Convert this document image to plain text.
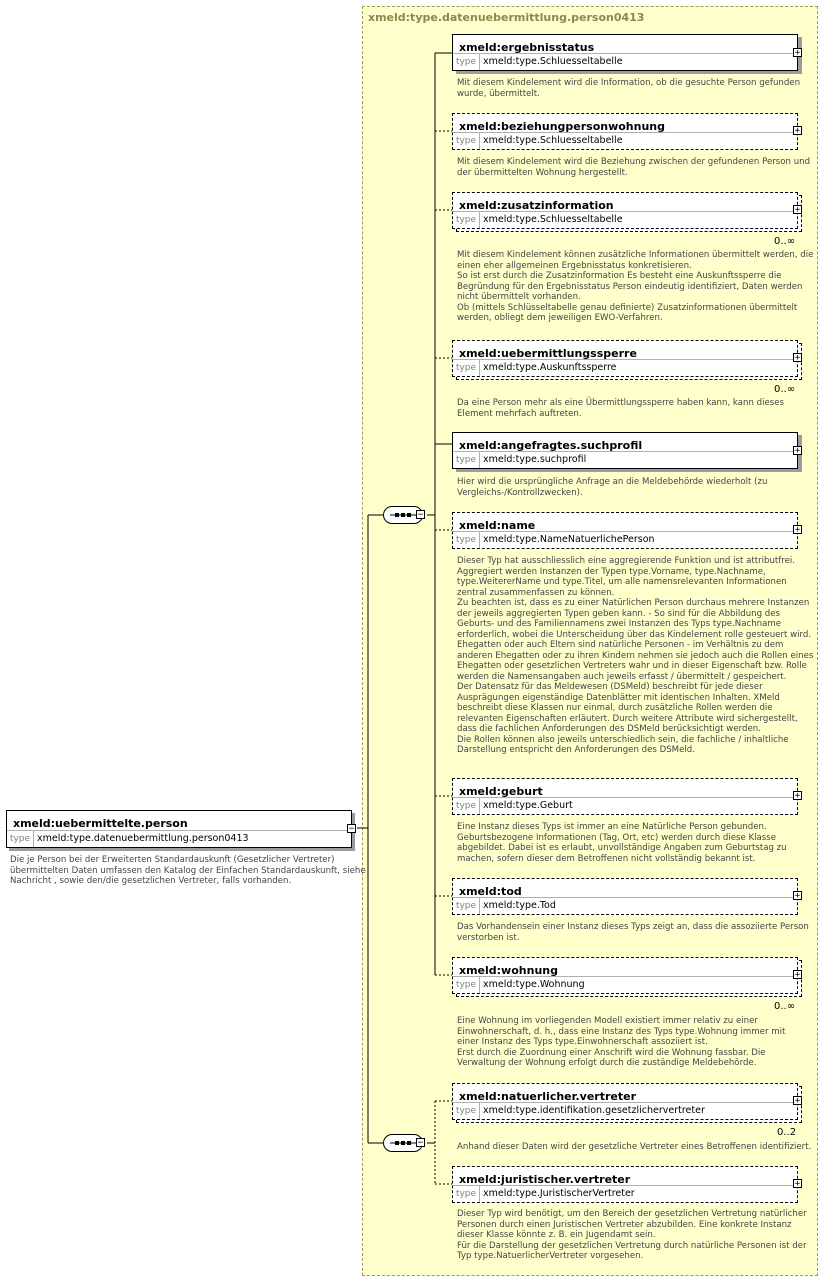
xmeld:type.datenuebermittlung.person0413
xmeld:uebermittelte.person
type xmeld:type.datenuebermittlung.person0413
−
Die je Person bei der Erweiterten Standardauskunft (Gesetzlicher Vertreter)
übermittelten Daten umfassen den Katalog der Einfachen Standardauskunft, siehe
Nachricht , sowie den/die gesetzlichen Vertreter, falls vorhanden.
−
−
xmeld:ergebnisstatus
type xmeld:type.Schluesseltabelle
+
Mit diesem Kindelement wird die Information, ob die gesuchte Person gefunden
wurde, übermittelt.
xmeld:beziehungpersonwohnung
type xmeld:type.Schluesseltabelle
+
Mit diesem Kindelement wird die Beziehung zwischen der gefundenen Person und
der übermittelten Wohnung hergestellt.
xmeld:zusatzinformation
type xmeld:type.Schluesseltabelle
+
0..∞
Mit diesem Kindelement können zusätzliche Informationen übermittelt werden, die
einen eher allgemeinen Ergebnisstatus konkretisieren.
So ist erst durch die Zusatzinformation Es besteht eine Auskunftssperre die
Begründung für den Ergebnisstatus Person eindeutig identifiziert, Daten werden
nicht übermittelt vorhanden.
Ob (mittels Schlüsseltabelle genau definierte) Zusatzinformationen übermittelt
werden, obliegt dem jeweiligen EWO-Verfahren.
xmeld:uebermittlungssperre
type xmeld:type.Auskunftssperre
+
0..∞
Da eine Person mehr als eine Übermittlungssperre haben kann, kann dieses
Element mehrfach auftreten.
xmeld:angefragtes.suchprofil
type xmeld:type.suchprofil
+
Hier wird die ursprüngliche Anfrage an die Meldebehörde wiederholt (zu
Vergleichs-/Kontrollzwecken).
xmeld:name
type xmeld:type.NameNatuerlichePerson
+
Dieser Typ hat ausschliesslich eine aggregierende Funktion und ist attributfrei.
Aggregiert werden Instanzen der Typen type.Vorname, type.Nachname,
type.WeitererName und type.Titel, um alle namensrelevanten Informationen
zentral zusammenfassen zu können.
Zu beachten ist, dass es zu einer Natürlichen Person durchaus mehrere Instanzen
der jeweils aggregierten Typen geben kann. - So sind für die Abbildung des
Geburts- und des Familiennamens zwei Instanzen des Typs type.Nachname
erforderlich, wobei die Unterscheidung über das Kindelement rolle gesteuert wird.
Ehegatten oder auch Eltern sind natürliche Personen - im Verhältnis zu dem
anderen Ehegatten oder zu ihren Kindern nehmen sie jedoch auch die Rollen eines
Ehegatten oder gesetzlichen Vertreters wahr und in dieser Eigenschaft bzw. Rolle
werden die Namensangaben auch jeweils erfasst / übermittelt / gespeichert.
Der Datensatz für das Meldewesen (DSMeld) beschreibt für jede dieser
Ausprägungen eigenständige Datenblätter mit identischen Inhalten. XMeld
beschreibt diese Klassen nur einmal, durch zusätzliche Rollen werden die
relevanten Eigenschaften erläutert. Durch weitere Attribute wird sichergestellt,
dass die fachlichen Anforderungen des DSMeld berücksichtigt werden.
Die Rollen können also jeweils unterschiedlich sein, die fachliche / inhaltliche
Darstellung entspricht den Anforderungen des DSMeld.
xmeld:geburt
type xmeld:type.Geburt
+
Eine Instanz dieses Typs ist immer an eine Natürliche Person gebunden.
Geburtsbezogene Informationen (Tag, Ort, etc) werden durch diese Klasse
abgebildet. Dabei ist es erlaubt, unvollständige Angaben zum Geburtstag zu
machen, sofern dieser dem Betroffenen nicht vollständig bekannt ist.
xmeld:tod
type xmeld:type.Tod
+
Das Vorhandensein einer Instanz dieses Typs zeigt an, dass die assoziierte Person
verstorben ist.
xmeld:wohnung
type xmeld:type.Wohnung
+
0..∞
Eine Wohnung im vorliegenden Modell existiert immer relativ zu einer
Einwohnerschaft, d. h., dass eine Instanz des Typs type.Wohnung immer mit
einer Instanz des Typs type.Einwohnerschaft assoziiert ist.
Erst durch die Zuordnung einer Anschrift wird die Wohnung fassbar. Die
Verwaltung der Wohnung erfolgt durch die zuständige Meldebehörde.
xmeld:natuerlicher.vertreter
type xmeld:type.identifikation.gesetzlichervertreter
+
0..2
Anhand dieser Daten wird der gesetzliche Vertreter eines Betroffenen identifiziert.
xmeld:juristischer.vertreter
type xmeld:type.JuristischerVertreter
+
Dieser Typ wird benötigt, um den Bereich der gesetzlichen Vertretung natürlicher
Personen durch einen Juristischen Vertreter abzubilden. Eine konkrete Instanz
dieser Klasse könnte z. B. ein Jugendamt sein.
Für die Darstellung der gesetzlichen Vertretung durch natürliche Personen ist der
Typ type.NatuerlicherVertreter vorgesehen.
